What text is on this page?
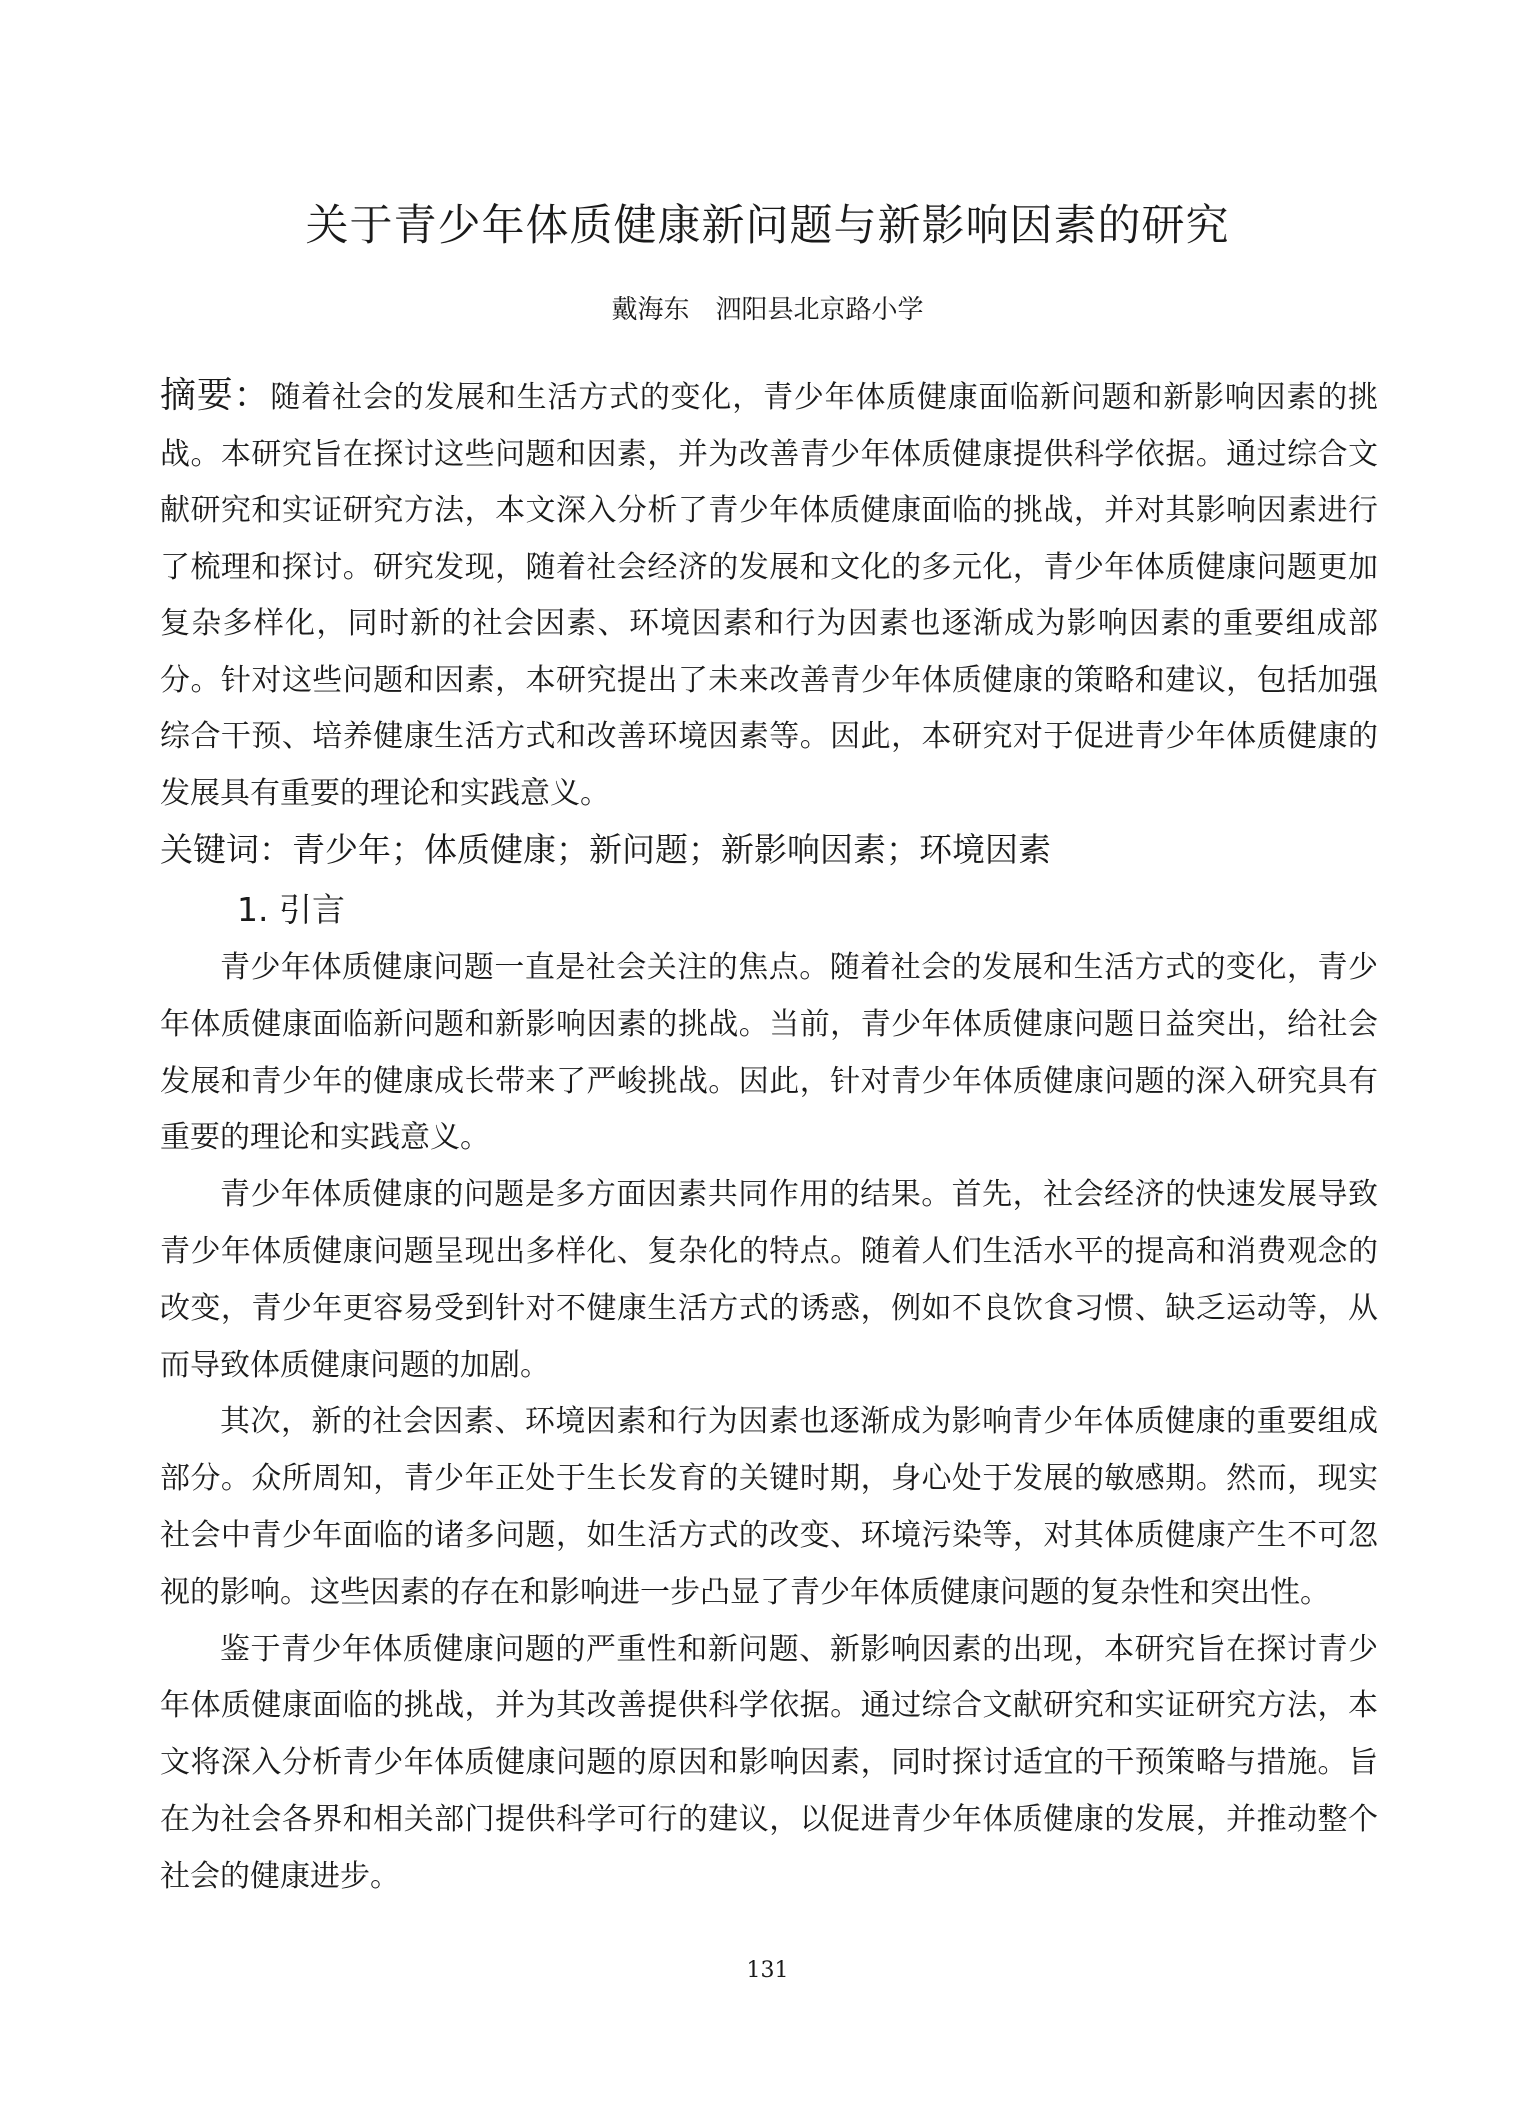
关于青少年体质健康新问题与新影响因素的研究
戴海东 泗阳县北京路小学

摘要：随着社会的发展和生活方式的变化，青少年体质健康面临新问题和新影响因素的挑战。本研究旨在探讨这些问题和因素，并为改善青少年体质健康提供科学依据。通过综合文献研究和实证研究方法，本文深入分析了青少年体质健康面临的挑战，并对其影响因素进行了梳理和探讨。研究发现，随着社会经济的发展和文化的多元化，青少年体质健康问题更加复杂多样化，同时新的社会因素、环境因素和行为因素也逐渐成为影响因素的重要组成部分。针对这些问题和因素，本研究提出了未来改善青少年体质健康的策略和建议，包括加强综合干预、培养健康生活方式和改善环境因素等。因此，本研究对于促进青少年体质健康的发展具有重要的理论和实践意义。

关键词：青少年；体质健康；新问题；新影响因素；环境因素

1. 引言

青少年体质健康问题一直是社会关注的焦点。随着社会的发展和生活方式的变化，青少年体质健康面临新问题和新影响因素的挑战。当前，青少年体质健康问题日益突出，给社会发展和青少年的健康成长带来了严峻挑战。因此，针对青少年体质健康问题的深入研究具有重要的理论和实践意义。

青少年体质健康的问题是多方面因素共同作用的结果。首先，社会经济的快速发展导致青少年体质健康问题呈现出多样化、复杂化的特点。随着人们生活水平的提高和消费观念的改变，青少年更容易受到针对不健康生活方式的诱惑，例如不良饮食习惯、缺乏运动等，从而导致体质健康问题的加剧。

其次，新的社会因素、环境因素和行为因素也逐渐成为影响青少年体质健康的重要组成部分。众所周知，青少年正处于生长发育的关键时期，身心处于发展的敏感期。然而，现实社会中青少年面临的诸多问题，如生活方式的改变、环境污染等，对其体质健康产生不可忽视的影响。这些因素的存在和影响进一步凸显了青少年体质健康问题的复杂性和突出性。

鉴于青少年体质健康问题的严重性和新问题、新影响因素的出现，本研究旨在探讨青少年体质健康面临的挑战，并为其改善提供科学依据。通过综合文献研究和实证研究方法，本文将深入分析青少年体质健康问题的原因和影响因素，同时探讨适宜的干预策略与措施。旨在为社会各界和相关部门提供科学可行的建议，以促进青少年体质健康的发展，并推动整个社会的健康进步。

131
